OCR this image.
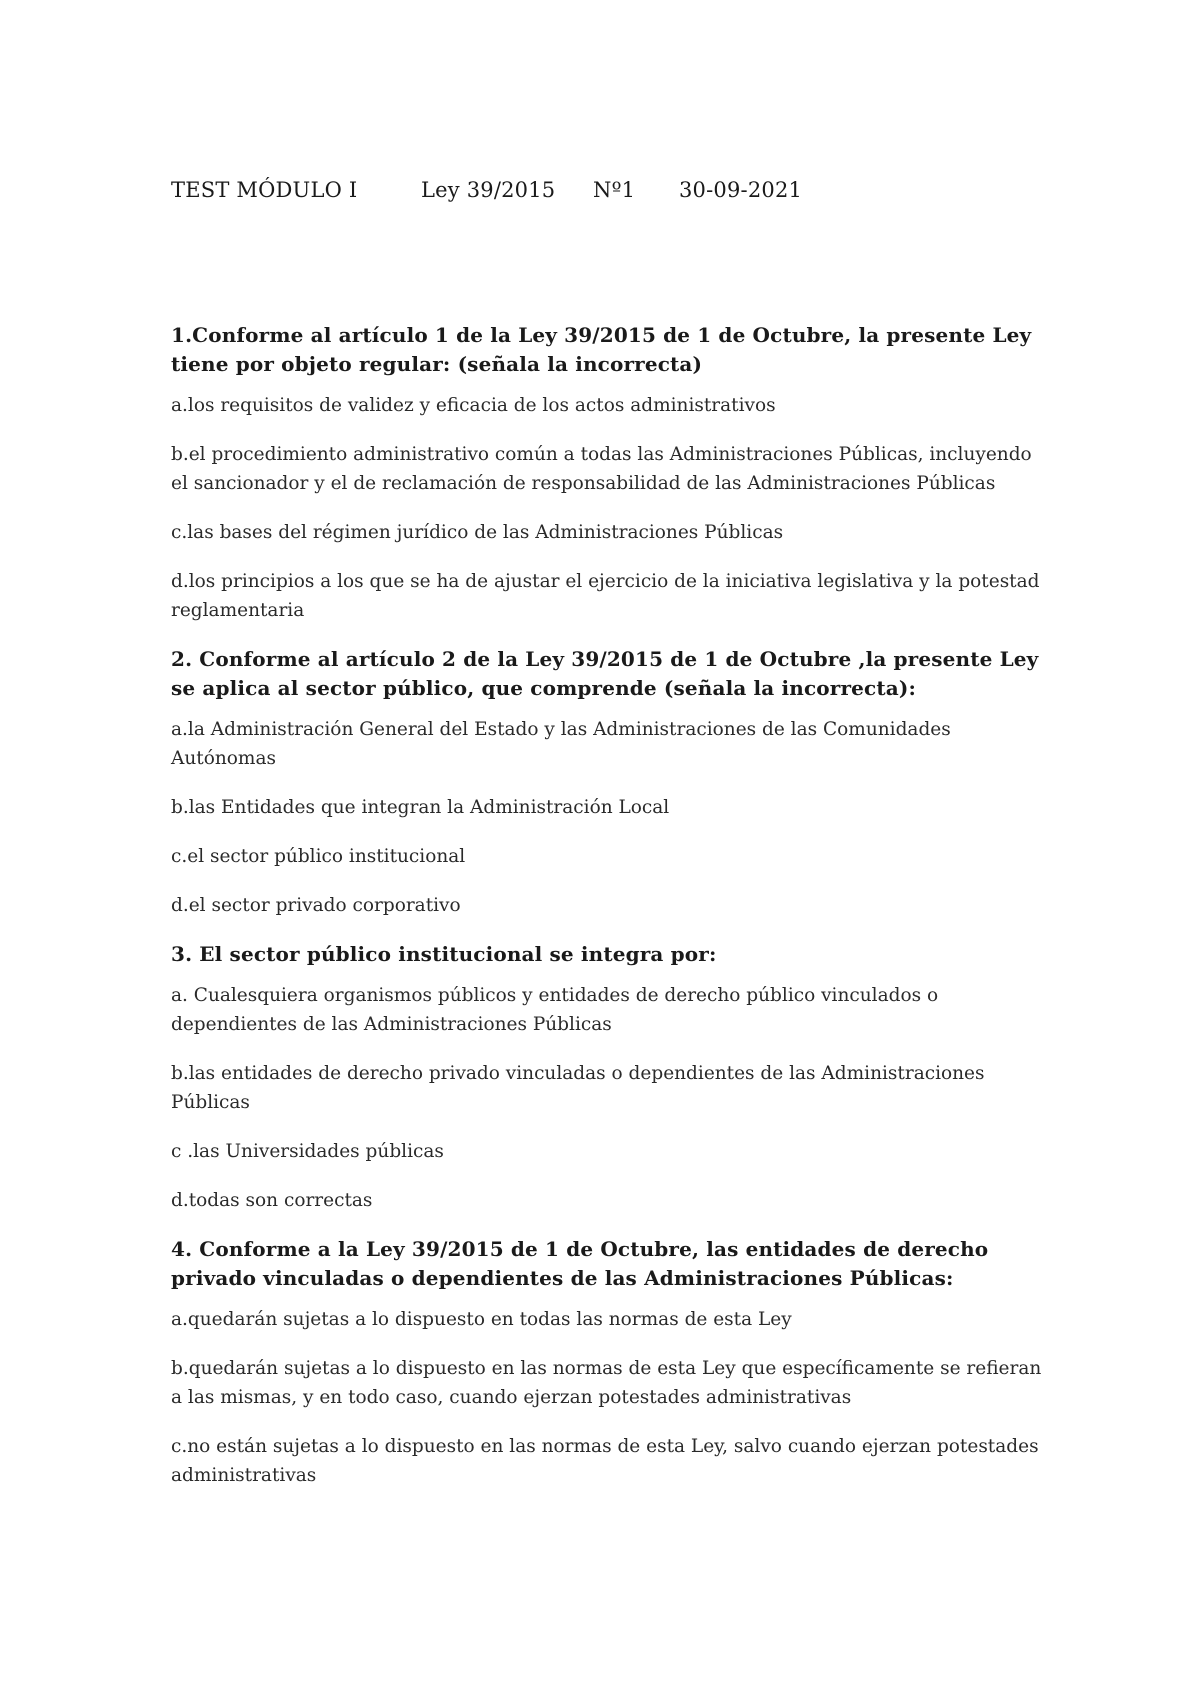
TEST MÓDULO I	Ley 39/2015 Nº1 30-09-2021

1.Conforme al artículo 1 de la Ley 39/2015 de 1 de Octubre, la presente Ley tiene por objeto regular: (señala la incorrecta)

a.los requisitos de validez y eficacia de los actos administrativos

b.el procedimiento administrativo común a todas las Administraciones Públicas, incluyendo el sancionador y el de reclamación de responsabilidad de las Administraciones Públicas

c.las bases del régimen jurídico de las Administraciones Públicas

d.los principios a los que se ha de ajustar el ejercicio de la iniciativa legislativa y la potestad reglamentaria

2. Conforme al artículo 2 de la Ley 39/2015 de 1 de Octubre ,la presente Ley se aplica al sector público, que comprende (señala la incorrecta):

a.la Administración General del Estado y las Administraciones de las Comunidades Autónomas

b.las Entidades que integran la Administración Local

c.el sector público institucional

d.el sector privado corporativo

3. El sector público institucional se integra por:

a. Cualesquiera organismos públicos y entidades de derecho público vinculados o dependientes de las Administraciones Públicas

b.las entidades de derecho privado vinculadas o dependientes de las Administraciones Públicas

c .las Universidades públicas

d.todas son correctas

4. Conforme a la Ley 39/2015 de 1 de Octubre, las entidades de derecho privado vinculadas o dependientes de las Administraciones Públicas:

a.quedarán sujetas a lo dispuesto en todas las normas de esta Ley

b.quedarán sujetas a lo dispuesto en las normas de esta Ley que específicamente se refieran a las mismas, y en todo caso, cuando ejerzan potestades administrativas

c.no están sujetas a lo dispuesto en las normas de esta Ley, salvo cuando ejerzan potestades administrativas
